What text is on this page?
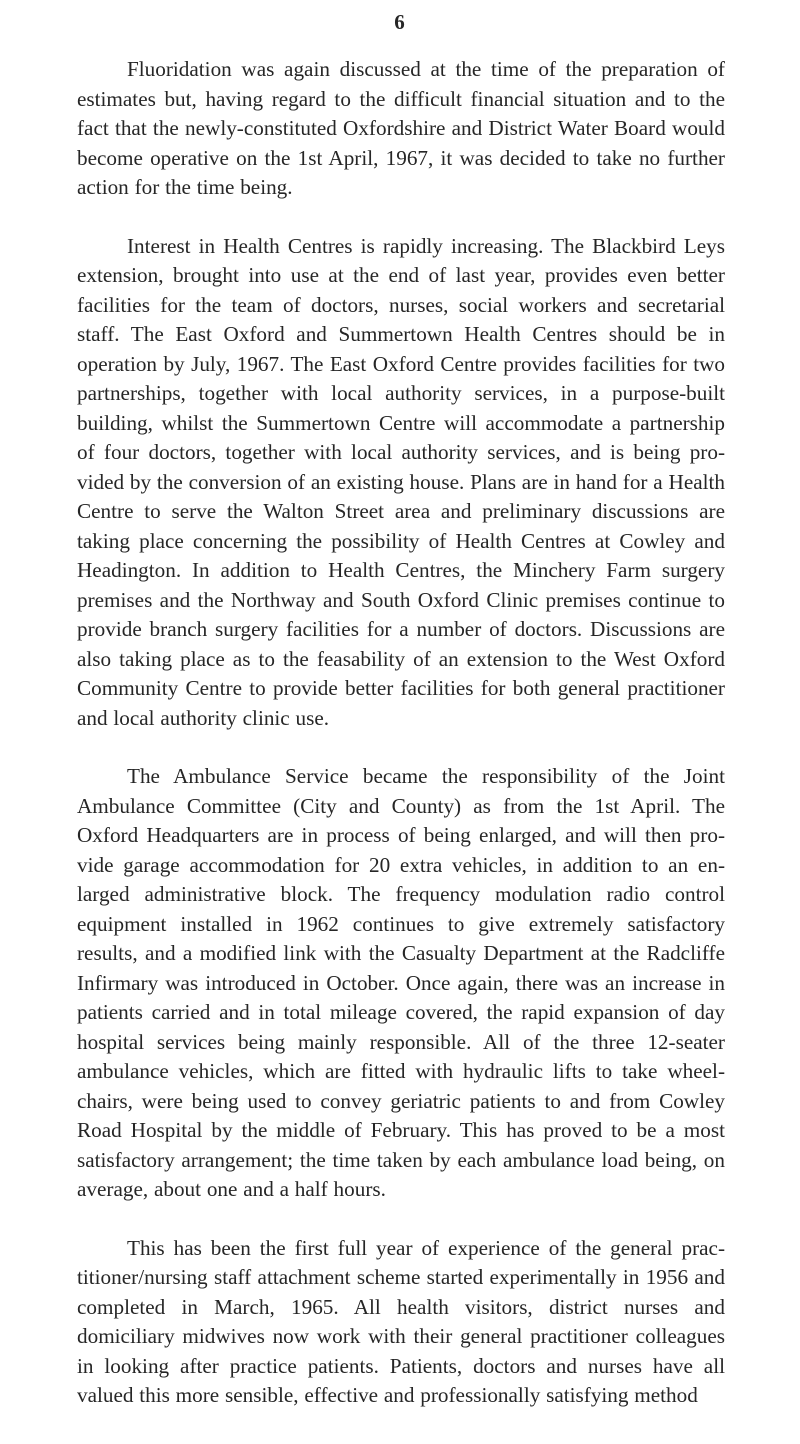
6

Fluoridation was again discussed at the time of the preparation of estimates but, having regard to the difficult financial situation and to the fact that the newly-constituted Oxfordshire and District Water Board would become operative on the 1st April, 1967, it was decided to take no further action for the time being.

Interest in Health Centres is rapidly increasing. The Blackbird Leys extension, brought into use at the end of last year, provides even better facilities for the team of doctors, nurses, social workers and secretarial staff. The East Oxford and Summertown Health Centres should be in operation by July, 1967. The East Oxford Centre provides facilities for two partnerships, together with local authority services, in a purpose-built building, whilst the Summertown Centre will accommodate a partnership of four doctors, together with local authority services, and is being provided by the conversion of an existing house. Plans are in hand for a Health Centre to serve the Walton Street area and preliminary discussions are taking place concerning the possibility of Health Centres at Cowley and Headington. In addition to Health Centres, the Minchery Farm surgery premises and the Northway and South Oxford Clinic premises continue to provide branch surgery facilities for a number of doctors. Discussions are also taking place as to the feasability of an extension to the West Oxford Community Centre to provide better facilities for both general practitioner and local authority clinic use.

The Ambulance Service became the responsibility of the Joint Ambulance Committee (City and County) as from the 1st April. The Oxford Headquarters are in process of being enlarged, and will then provide garage accommodation for 20 extra vehicles, in addition to an enlarged administrative block. The frequency modulation radio control equipment installed in 1962 continues to give extremely satisfactory results, and a modified link with the Casualty Department at the Radcliffe Infirmary was introduced in October. Once again, there was an increase in patients carried and in total mileage covered, the rapid expansion of day hospital services being mainly responsible. All of the three 12-seater ambulance vehicles, which are fitted with hydraulic lifts to take wheelchairs, were being used to convey geriatric patients to and from Cowley Road Hospital by the middle of February. This has proved to be a most satisfactory arrangement; the time taken by each ambulance load being, on average, about one and a half hours.

This has been the first full year of experience of the general practitioner/nursing staff attachment scheme started experimentally in 1956 and completed in March, 1965. All health visitors, district nurses and domiciliary midwives now work with their general practitioner colleagues in looking after practice patients. Patients, doctors and nurses have all valued this more sensible, effective and professionally satisfying method
